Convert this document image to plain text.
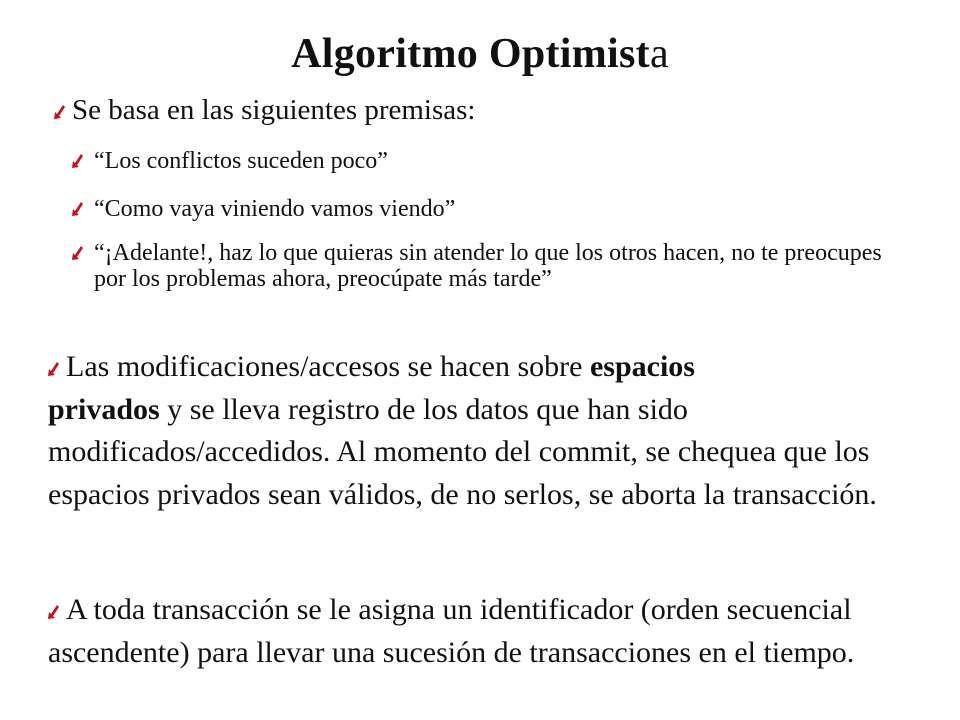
Algoritmo Optimista
Se basa en las siguientes premisas:
“Los conflictos suceden poco”
“Como vaya viniendo vamos viendo”
“¡Adelante!, haz lo que quieras sin atender lo que los otros hacen, no te preocupes por los problemas ahora, preocúpate más tarde”
Las modificaciones/accesos se hacen sobre espacios
privados y se lleva registro de los datos que han sido modificados/accedidos. Al momento del commit, se chequea que los espacios privados sean válidos, de no serlos, se aborta la transacción.
A toda transacción se le asigna un identificador (orden secuencial ascendente) para llevar una sucesión de transacciones en el tiempo.
